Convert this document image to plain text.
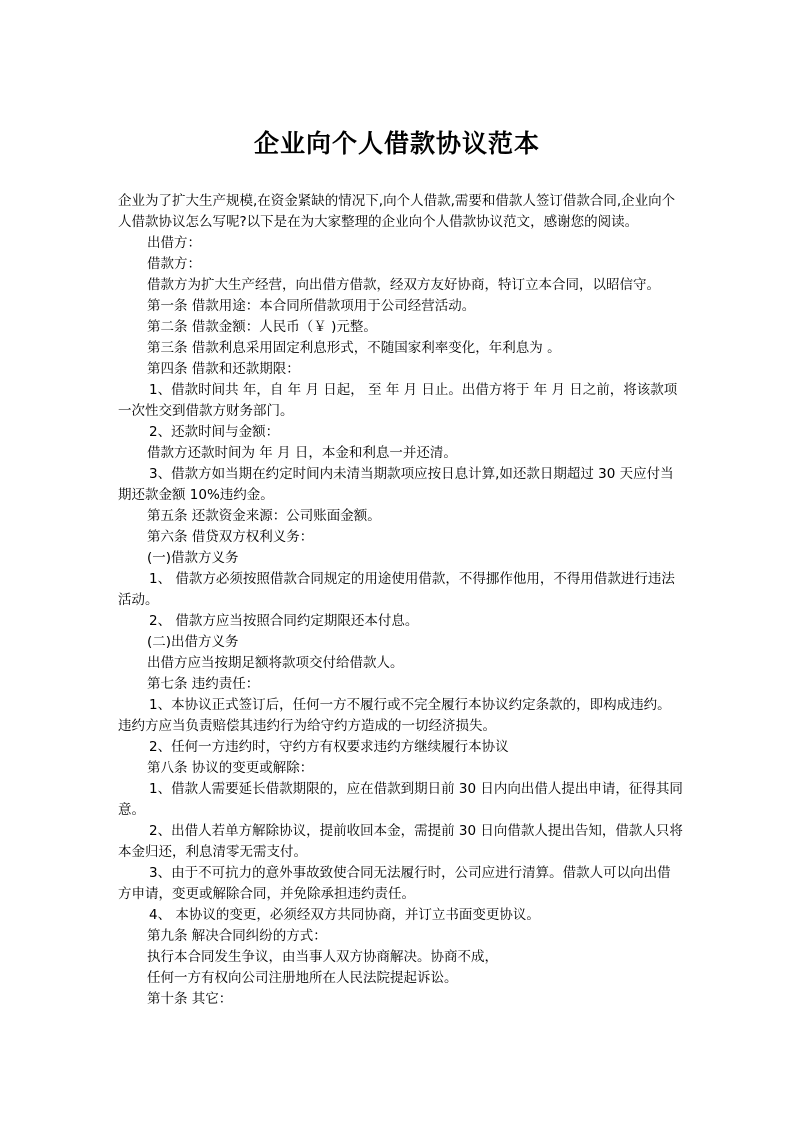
企业向个人借款协议范本

企业为了扩大生产规模,在资金紧缺的情况下,向个人借款,需要和借款人签订借款合同,企业向个人借款协议怎么写呢?以下是在为大家整理的企业向个人借款协议范文，感谢您的阅读。

出借方：

借款方：

借款方为扩大生产经营，向出借方借款，经双方友好协商，特订立本合同，以昭信守。

第一条 借款用途：本合同所借款项用于公司经营活动。

第二条 借款金额：人民币（￥ )元整。

第三条 借款利息采用固定利息形式，不随国家利率变化，年利息为 。

第四条 借款和还款期限：

1、借款时间共 年，自 年 月 日起， 至 年 月 日止。出借方将于 年 月 日之前，将该款项一次性交到借款方财务部门。

2、还款时间与金额：

借款方还款时间为 年 月 日，本金和利息一并还清。

3、借款方如当期在约定时间内未清当期款项应按日息计算,如还款日期超过 30 天应付当期还款金额 10%违约金。

第五条 还款资金来源：公司账面金额。

第六条 借贷双方权利义务：

(一)借款方义务

1、 借款方必须按照借款合同规定的用途使用借款，不得挪作他用，不得用借款进行违法活动。

2、 借款方应当按照合同约定期限还本付息。

(二)出借方义务

出借方应当按期足额将款项交付给借款人。

第七条 违约责任：

1、本协议正式签订后，任何一方不履行或不完全履行本协议约定条款的，即构成违约。违约方应当负责赔偿其违约行为给守约方造成的一切经济损失。

2、任何一方违约时，守约方有权要求违约方继续履行本协议

第八条 协议的变更或解除：

1、借款人需要延长借款期限的，应在借款到期日前 30 日内向出借人提出申请，征得其同意。

2、出借人若单方解除协议，提前收回本金，需提前 30 日向借款人提出告知，借款人只将本金归还，利息清零无需支付。

3、由于不可抗力的意外事故致使合同无法履行时，公司应进行清算。借款人可以向出借方申请，变更或解除合同，并免除承担违约责任。

4、 本协议的变更，必须经双方共同协商，并订立书面变更协议。

第九条 解决合同纠纷的方式：

执行本合同发生争议，由当事人双方协商解决。协商不成，

任何一方有权向公司注册地所在人民法院提起诉讼。

第十条 其它：
